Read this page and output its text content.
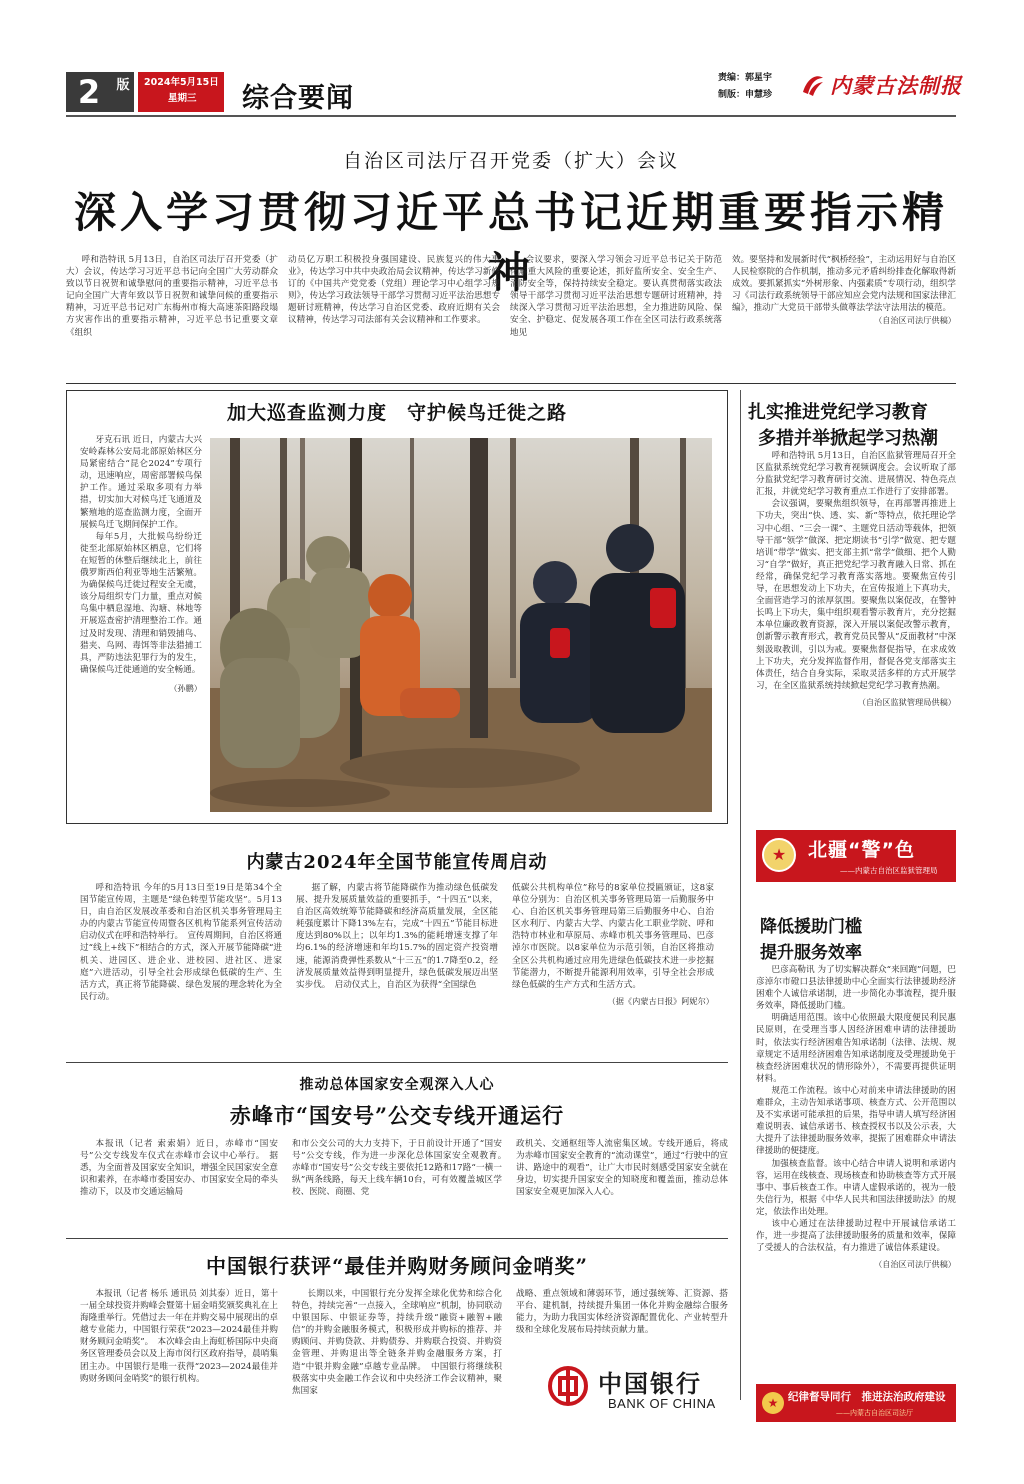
2 版 2024年5月15日
星期三	综合要闻
责编：郭星宇
制版：申慧珍	内蒙古法制报
自治区司法厅召开党委（扩大）会议
深入学习贯彻习近平总书记近期重要指示精神

呼和浩特讯 5月13日，自治区司法厅召开党委（扩大）会议，传达学习习近平总书记向全国广大劳动群众致以节日祝贺和诚挚慰问的重要指示精神，习近平总书记向全国广大青年致以节日祝贺和诚挚问候的重要指示精神，习近平总书记对广东梅州市梅大高速茶阳路段塌方灾害作出的重要指示精神，习近平总书记重要文章《组织

动员亿万职工积极投身强国建设、民族复兴的伟大事业》，传达学习中共中央政治局会议精神，传达学习新修订的《中国共产党党委（党组）理论学习中心组学习规则》，传达学习政法领导干部学习贯彻习近平法治思想专题研讨班精神，传达学习自治区党委、政府近期有关会议精神，传达学习司法部有关会议精神和工作要求。

会议要求，要深入学习领会习近平总书记关于防范化解重大风险的重要论述，抓好监所安全、安全生产、消防安全等，保持持续安全稳定。要认真贯彻落实政法领导干部学习贯彻习近平法治思想专题研讨班精神，持续深入学习贯彻习近平法治思想，全力推进防风险、保安全、护稳定、促发展各项工作在全区司法行政系统落地见

效。要坚持和发展新时代“枫桥经验”，主动运用好与自治区人民检察院的合作机制，推动多元矛盾纠纷排查化解取得新成效。要抓紧抓实“外树形象、内强素质”专项行动，组织学习《司法行政系统领导干部应知应会党内法规和国家法律汇编》，推动广大党员干部带头做尊法学法守法用法的模范。

（自治区司法厅供稿）
加大巡查监测力度　守护候鸟迁徙之路

牙克石讯 近日，内蒙古大兴安岭森林公安局北部原始林区分局紧密结合“昆仑2024”专项行动，迅速响应，周密部署候鸟保护工作。通过采取多项有力举措，切实加大对候鸟迁飞通道及繁殖地的巡查监测力度，全面开展候鸟迁飞期间保护工作。

每年5月，大批候鸟纷纷迁徙至北部原始林区栖息，它们将在短暂的休整后继续北上，前往俄罗斯西伯利亚等地生活繁殖。为确保候鸟迁徙过程安全无虞，该分局组织专门力量，重点对候鸟集中栖息湿地、沟塘、林地等开展巡查密护清理整治工作。通过及时发现、清理和销毁捕鸟、猎夹、鸟网、毒饵等非法猎捕工具，严防违法犯罪行为的发生，确保候鸟迁徙通道的安全畅通。

（孙鹏）
扎实推进党纪学习教育
多措并举掀起学习热潮

呼和浩特讯 5月13日，自治区监狱管理局召开全区监狱系统党纪学习教育视频调度会。会议听取了部分监狱党纪学习教育研讨交流、进展情况、特色亮点汇报，并就党纪学习教育重点工作进行了安排部署。

会议强调，要聚焦组织领导，在再部署再推进上下功夫，突出“快、透、实、新”等特点，依托理论学习中心组、“三会一课”、主题党日活动等载体，把领导干部“领学”做深、把定期读书“引学”做宽、把专题培训“带学”做实、把支部主抓“常学”做细、把个人勤习“自学”做好，真正把党纪学习教育融入日常、抓在经常，确保党纪学习教育落实落地。要聚焦宣传引导，在思想发动上下功夫，在宣传报道上下真功夫，全面营造学习的浓厚氛围。要聚焦以案促改，在警钟长鸣上下功夫，集中组织观看警示教育片，充分挖掘本单位廉政教育资源，深入开展以案促改警示教育，创新警示教育形式，教育党员民警从“反面教材”中深刻汲取教训，引以为戒。要聚焦督促指导，在求成效上下功夫，充分发挥监督作用，督促各党支部落实主体责任，结合自身实际，采取灵活多样的方式开展学习，在全区监狱系统持续掀起党纪学习教育热潮。

（自治区监狱管理局供稿）
★ 北疆“警”色
——内蒙古自治区监狱管理局
降低援助门槛
提升服务效率

巴彦高勒讯 为了切实解决群众“来回跑”问题，巴彦淖尔市磴口县法律援助中心全面实行法律援助经济困难个人诚信承诺制，进一步简化办事流程，提升服务效率，降低援助门槛。

明确适用范围。该中心依照最大限度便民利民惠民原则，在受理当事人因经济困难申请的法律援助时，依法实行经济困难告知承诺制（法律、法规、规章规定不适用经济困难告知承诺制度及受理援助免于核查经济困难状况的情形除外），不需要再提供证明材料。

规范工作流程。该中心对前来申请法律援助的困难群众，主动告知承诺事项、核查方式、公开范围以及不实承诺可能承担的后果，指导申请人填写经济困难说明表、诚信承诺书、核查授权书以及公示表，大大提升了法律援助服务效率，提振了困难群众申请法律援助的便捷度。

加强核查监督。该中心结合申请人说明和承诺内容，运用在线核查、现场核查和协助核查等方式开展事中、事后核查工作。申请人虚假承诺的，视为一般失信行为，根据《中华人民共和国法律援助法》的规定，依法作出处理。

该中心通过在法律援助过程中开展诚信承诺工作，进一步提高了法律援助服务的质量和效率，保障了受援人的合法权益，有力推进了诚信体系建设。

（自治区司法厅供稿）
内蒙古2024年全国节能宣传周启动

呼和浩特讯 今年的5月13日至19日是第34个全国节能宣传周，主题是“绿色转型节能攻坚”。5月13日，由自治区发展改革委和自治区机关事务管理局主办的内蒙古节能宣传周暨各区机构节能系列宣传活动启动仪式在呼和浩特举行。　宣传周期间，自治区将通过“线上+线下”相结合的方式，深入开展节能降碳“进机关、进园区、进企业、进校园、进社区、进家庭”六进活动，引导全社会形成绿色低碳的生产、生活方式，真正将节能降碳、绿色发展的理念转化为全民行动。

据了解，内蒙古将节能降碳作为推动绿色低碳发展、提升发展质量效益的重要抓手，“十四五”以来，自治区高效统筹节能降碳和经济高质量发展，全区能耗强度累计下降13%左右，完成“十四五”节能目标进度达到80%以上；以年均1.3%的能耗增速支撑了年均6.1%的经济增速和年均15.7%的固定资产投资增速，能源消费弹性系数从“十三五”的1.7降至0.2，经济发展质量效益得到明显提升，绿色低碳发展迈出坚实步伐。　启动仪式上，自治区为获得“全国绿色

低碳公共机构单位”称号的8家单位授匾颁证，这8家单位分别为：自治区机关事务管理局第一后勤服务中心、自治区机关事务管理局第三后勤服务中心、自治区水利厅、内蒙古大学、内蒙古化工职业学院、呼和浩特市林业和草原局、赤峰市机关事务管理局、巴彦淖尔市医院。以8家单位为示范引领，自治区将推动全区公共机构通过应用先进绿色低碳技术进一步挖掘节能潜力，不断提升能源利用效率，引导全社会形成绿色低碳的生产方式和生活方式。

（据《内蒙古日报》阿妮尔）
推动总体国家安全观深入人心
赤峰市“国安号”公交专线开通运行

本报讯（记者 索索娟）近日，赤峰市“国安号”公交专线发车仪式在赤峰市会议中心举行。　据悉，为全面普及国家安全知识，增强全民国家安全意识和素养，在赤峰市委国安办、市国家安全局的牵头推动下，以及市交通运输局

和市公交公司的大力支持下，于日前设计开通了“国安号”公交专线，作为进一步深化总体国家安全观教育。　赤峰市“国安号”公交专线主要依托12路和17路“一横一纵”两条线路，每天上线车辆10台，可有效覆盖城区学校、医院、商圈、党

政机关、交通枢纽等人流密集区域。专线开通后，将成为赤峰市国家安全教育的“流动课堂”，通过“行驶中的宣讲、路途中的观看”，让广大市民时刻感受国家安全就在身边，切实提升国家安全的知晓度和覆盖面，推动总体国家安全观更加深入人心。

中国银行获评“最佳并购财务顾问金哨奖”

本报讯（记者 杨乐 通讯员 刘其泰）近日，第十一届全球投资并购峰会暨第十届金哨奖颁奖典礼在上海隆重举行。凭借过去一年在并购交易中展现出的卓越专业能力，中国银行荣获“2023—2024最佳并购财务顾问金哨奖”。　本次峰会由上海虹桥国际中央商务区管理委员会以及上海市闵行区政府指导，晨哨集团主办。中国银行是唯一获得“2023—2024最佳并购财务顾问金哨奖”的银行机构。

长期以来，中国银行充分发挥全球化优势和综合化特色，持续完善“一点接入，全球响应”机制，协同联动中银国际、中银证券等，持续升级“融资+融智+融信”的并购金融服务模式，积极形成并购标的推荐、并购顾问、并购贷款、并购债券、并购联合投资、并购资金管理、并购退出等全链条并购金融服务方案，打造“中银并购金融”卓越专业品牌。　中国银行将继续积极落实中央金融工作会议和中央经济工作会议精神，聚焦国家

战略、重点领域和薄弱环节，通过强统筹、汇资源、搭平台、建机制，持续提升集团一体化并购金融综合服务能力，为助力我国实体经济资源配置优化、产业转型升级和全球化发展布局持续贡献力量。

中国银行
BANK OF CHINA	★ 纪律督导同行　推进法治政府建设
——内蒙古自治区司法厅
